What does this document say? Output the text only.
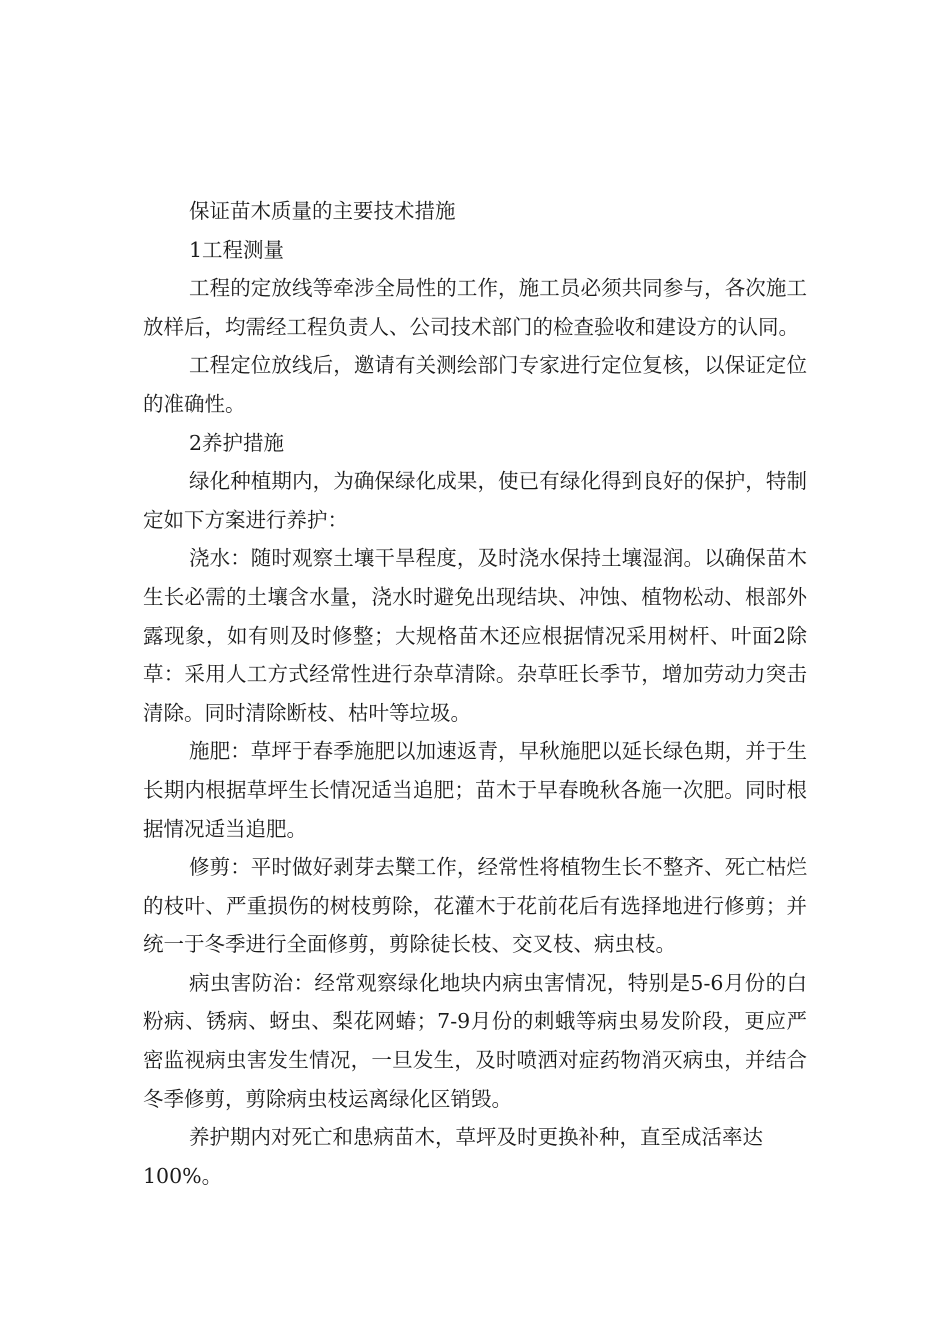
保证苗木质量的主要技术措施

1工程测量

工程的定放线等牵涉全局性的工作，施工员必须共同参与，各次施工放样后，均需经工程负责人、公司技术部门的检查验收和建设方的认同。

工程定位放线后，邀请有关测绘部门专家进行定位复核，以保证定位的准确性。

2养护措施

绿化种植期内，为确保绿化成果，使已有绿化得到良好的保护，特制定如下方案进行养护：

浇水：随时观察土壤干旱程度，及时浇水保持土壤湿润。以确保苗木生长必需的土壤含水量，浇水时避免出现结块、冲蚀、植物松动、根部外露现象，如有则及时修整；大规格苗木还应根据情况采用树杆、叶面2除草：采用人工方式经常性进行杂草清除。杂草旺长季节，增加劳动力突击清除。同时清除断枝、枯叶等垃圾。

施肥：草坪于春季施肥以加速返青，早秋施肥以延长绿色期，并于生长期内根据草坪生长情况适当追肥；苗木于早春晚秋各施一次肥。同时根据情况适当追肥。

修剪：平时做好剥芽去櫱工作，经常性将植物生长不整齐、死亡枯烂的枝叶、严重损伤的树枝剪除，花灌木于花前花后有选择地进行修剪；并统一于冬季进行全面修剪，剪除徒长枝、交叉枝、病虫枝。

病虫害防治：经常观察绿化地块内病虫害情况，特别是5-6月份的白粉病、锈病、蚜虫、梨花网蝽；7-9月份的刺蛾等病虫易发阶段，更应严密监视病虫害发生情况，一旦发生，及时喷洒对症药物消灭病虫，并结合冬季修剪，剪除病虫枝运离绿化区销毁。

养护期内对死亡和患病苗木，草坪及时更换补种，直至成活率达100%。
